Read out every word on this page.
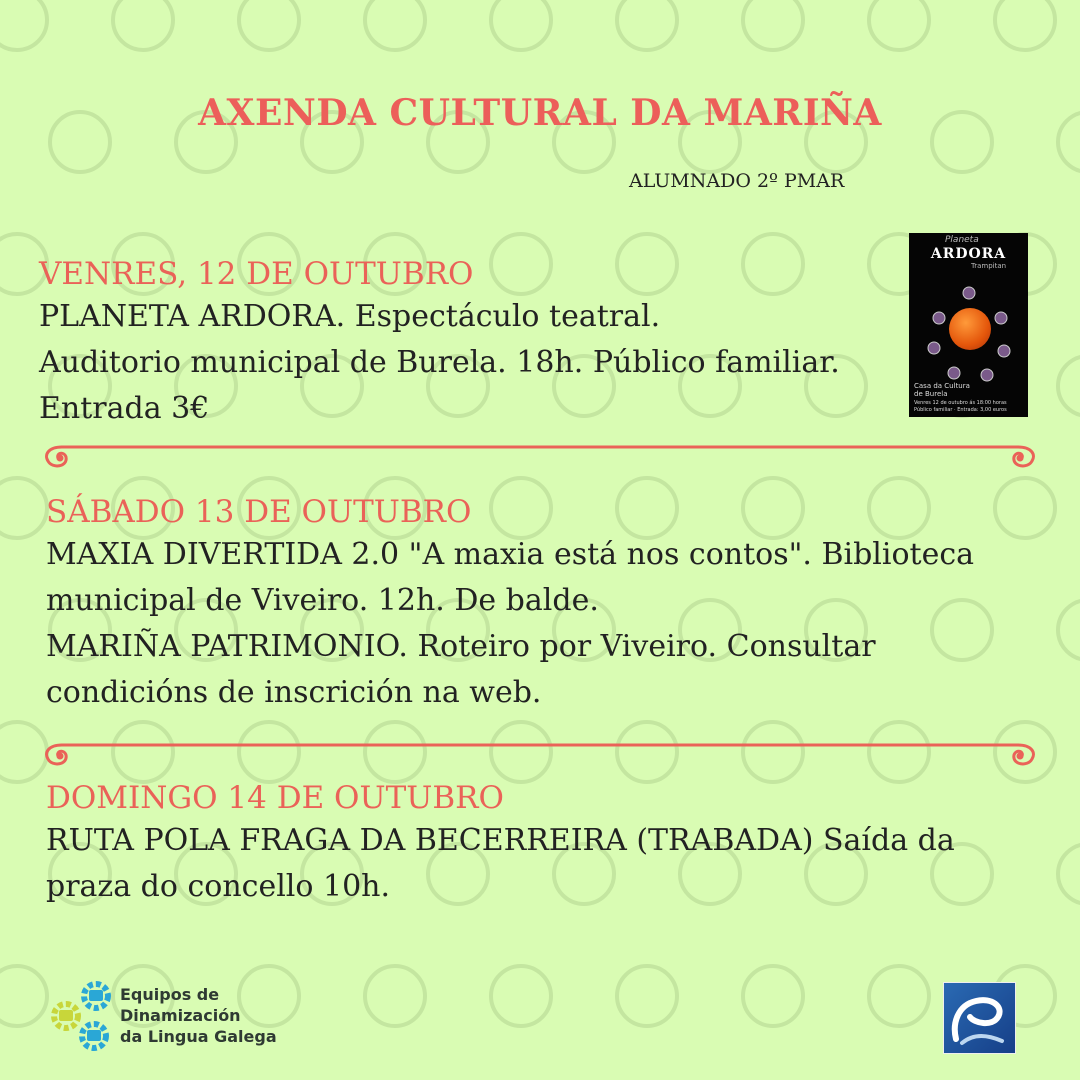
AXENDA CULTURAL DA MARIÑA
ALUMNADO 2º PMAR
VENRES, 12 DE OUTUBRO
PLANETA ARDORA. Espectáculo teatral.
Auditorio municipal de Burela. 18h. Público familiar.
Entrada 3€
Planeta
ARDORA
Trampitan
Casa da Cultura
de Burela
Venres 12 de outubro ás 18:00 horas
Público familiar · Entrada: 3,00 euros
SÁBADO 13 DE OUTUBRO
MAXIA DIVERTIDA 2.0 "A maxia está nos contos". Biblioteca
municipal de Viveiro. 12h. De balde.
MARIÑA PATRIMONIO. Roteiro por Viveiro. Consultar
condicións de inscrición na web.
DOMINGO 14 DE OUTUBRO
RUTA POLA FRAGA DA BECERREIRA (TRABADA) Saída da
praza do concello 10h.
Equipos de
Dinamización
da Lingua Galega
